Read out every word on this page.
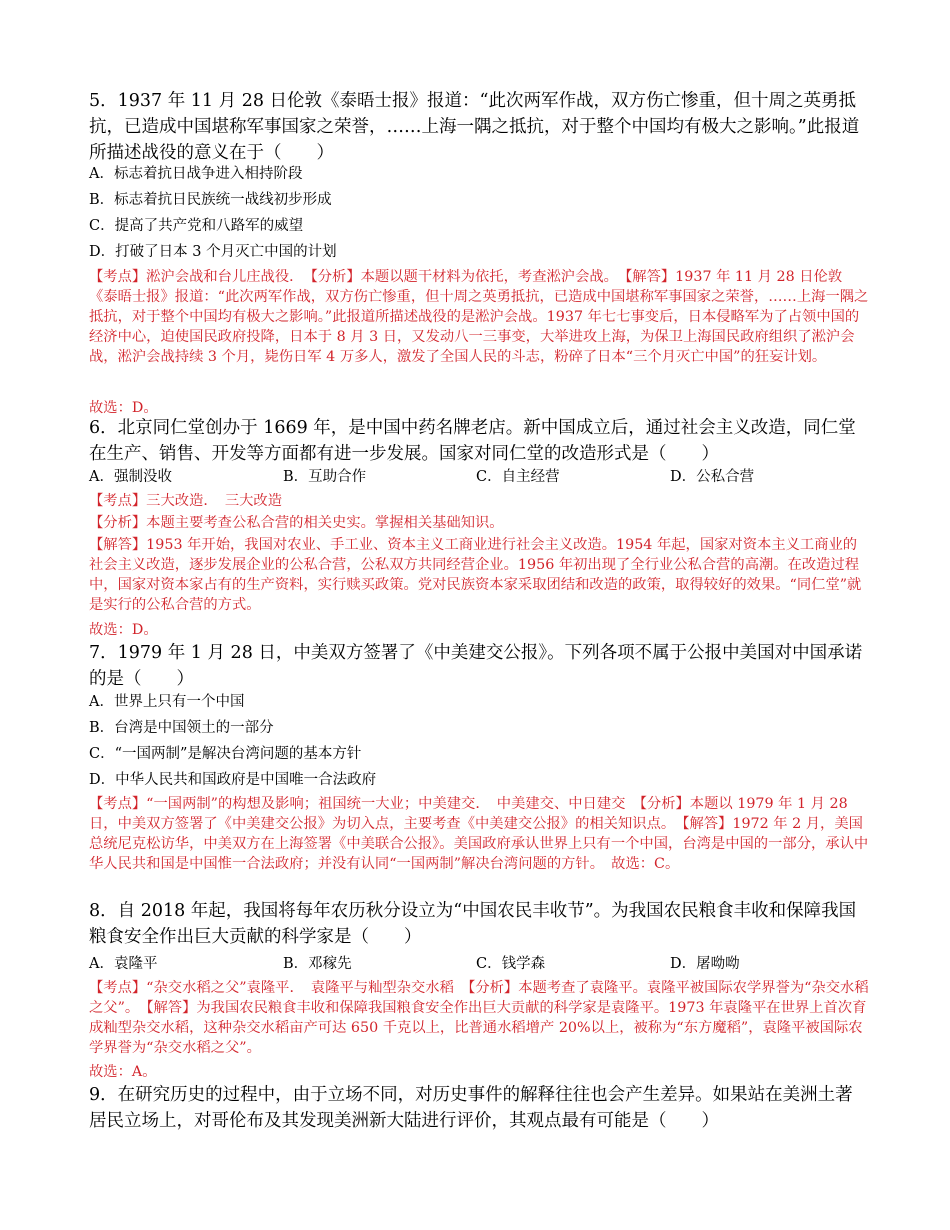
5．1937 年 11 月 28 日伦敦《泰晤士报》报道：“此次两军作战，双方伤亡惨重，但十周之英勇抵抗，已造成中国堪称军事国家之荣誉，……上海一隅之抵抗，对于整个中国均有极大之影响。”此报道所描述战役的意义在于（　　）
A．标志着抗日战争进入相持阶段
B．标志着抗日民族统一战线初步形成
C．提高了共产党和八路军的威望
D．打破了日本 3 个月灭亡中国的计划
【考点】淞沪会战和台儿庄战役．　【分析】本题以题干材料为依托，考查淞沪会战。　【解答】1937 年 11 月 28 日伦敦《泰晤士报》报道：“此次两军作战，双方伤亡惨重，但十周之英勇抵抗，已造成中国堪称军事国家之荣誉，……上海一隅之抵抗，对于整个中国均有极大之影响。”此报道所描述战役的是淞沪会战。1937 年七七事变后，日本侵略军为了占领中国的经济中心，迫使国民政府投降，日本于 8 月 3 日，又发动八一三事变，大举进攻上海，为保卫上海国民政府组织了淞沪会战，淞沪会战持续 3 个月，毙伤日军 4 万多人，激发了全国人民的斗志，粉碎了日本“三个月灭亡中国”的狂妄计划。
故选：D。
6．北京同仁堂创办于 1669 年，是中国中药名牌老店。新中国成立后，通过社会主义改造，同仁堂在生产、销售、开发等方面都有进一步发展。国家对同仁堂的改造形式是（　　）
A．强制没收	B．互助合作	C．自主经营	D．公私合营
【考点】三大改造．　三大改造
【分析】本题主要考查公私合营的相关史实。掌握相关基础知识。
【解答】1953 年开始，我国对农业、手工业、资本主义工商业进行社会主义改造。1954 年起，国家对资本主义工商业的社会主义改造，逐步发展企业的公私合营，公私双方共同经营企业。1956 年初出现了全行业公私合营的高潮。在改造过程中，国家对资本家占有的生产资料，实行赎买政策。党对民族资本家采取团结和改造的政策，取得较好的效果。“同仁堂”就是实行的公私合营的方式。
故选：D。
7．1979 年 1 月 28 日，中美双方签署了《中美建交公报》。下列各项不属于公报中美国对中国承诺的是（　　）
A．世界上只有一个中国
B．台湾是中国领土的一部分
C．“一国两制”是解决台湾问题的基本方针
D．中华人民共和国政府是中国唯一合法政府
【考点】“一国两制”的构想及影响；祖国统一大业；中美建交．　中美建交、中日建交　【分析】本题以 1979 年 1 月 28 日，中美双方签署了《中美建交公报》为切入点，主要考查《中美建交公报》的相关知识点。　【解答】1972 年 2 月，美国总统尼克松访华，中美双方在上海签署《中美联合公报》。美国政府承认世界上只有一个中国，台湾是中国的一部分，承认中华人民共和国是中国惟一合法政府；并没有认同“一国两制”解决台湾问题的方针。　故选：C。
8．自 2018 年起，我国将每年农历秋分设立为“中国农民丰收节”。为我国农民粮食丰收和保障我国粮食安全作出巨大贡献的科学家是（　　）
A．袁隆平	B．邓稼先	C．钱学森	D．屠呦呦
【考点】“杂交水稻之父”袁隆平．　袁隆平与籼型杂交水稻　【分析】本题考查了袁隆平。袁隆平被国际农学界誉为“杂交水稻之父”。　【解答】为我国农民粮食丰收和保障我国粮食安全作出巨大贡献的科学家是袁隆平。1973 年袁隆平在世界上首次育成籼型杂交水稻，这种杂交水稻亩产可达 650 千克以上，比普通水稻增产 20%以上，被称为“东方魔稻”，袁隆平被国际农学界誉为“杂交水稻之父”。
故选：A。
9．在研究历史的过程中，由于立场不同，对历史事件的解释往往也会产生差异。如果站在美洲土著居民立场上，对哥伦布及其发现美洲新大陆进行评价，其观点最有可能是（　　）
